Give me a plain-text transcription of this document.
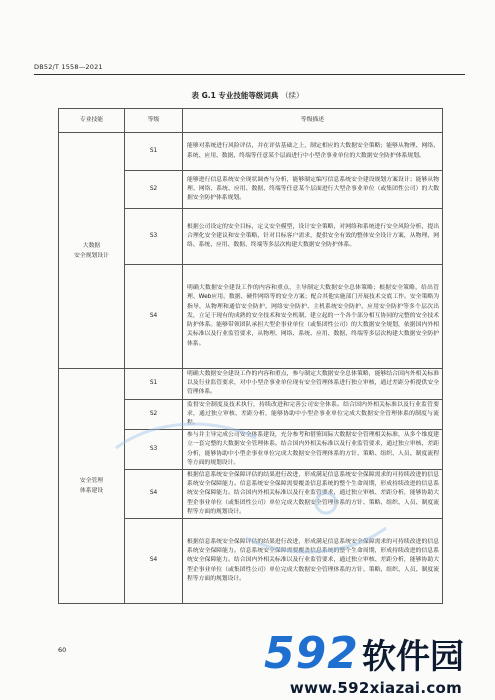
DB52/T 1558—2021
表 G.1 专业技能等级词典 （续）
专业技能	等级	等级描述

大数据
安全规划设计	S1	能够对系统进行风险评估，并在评估基础之上，制定相应的大数据安全策略；能够从物理、网络、系统、应用、数据、终端等任意某个层面进行中小型企事业单位的大数据安全防护体系规划。
	S2	能够进行信息系统安全现状调查与分析，能够制定编写信息系统安全建设规划方案设计；能够从物理、网络、系统、应用、数据、终端等任意某个层面进行大型企事业单位（或集团性公司）的大数据安全防护体系规划。
	S3	根据公司设定的安全目标，定义安全模型，设计安全策略，对网络和系统进行安全风险分析，提出合理化安全建议和安全策略，针对目标客户需求，提供安全有效的整体安全设计方案，从物理、网络、系统、应用、数据、终端等多层次构建大数据安全防护体系。
	S4	明确大数据安全建设工作的内容和重点，主导制定大数据安全总体策略；根据安全策略，给出管理、Web应用、数据、硬件网络等的安全方案；配合其他实施部门开展技术交底工作。安全策略为指导，从物理和通信安全防护、网络安全防护、主机系统安全防护、应用安全防护等多个层次出发，立足于现有的成熟的安全技术和安全机制，建立起的一个各个部分相互协同的完整的安全技术防护体系。能够带领团队承担大型企事业单位（或集团性公司）的大数据安全规划，依据国内外相关标准以及行业监管要求，从物理、网络、系统、应用、数据、终端等多层次构建大数据安全防护体系。

安全管理
体系建设	S1	明确大数据安全建设工作的内容和重点，参与制定大数据安全总体策略，能够结合国内外相关标准以及行业监管要求，对中小型企事业单位现有安全管理体系进行独立审核，通过差距分析提供安全管理体系。
	S2	监督安全制度及技术执行，持续改进和完善公司安全体系。结合国内外相关标准以及行业监管要求，通过独立审核、差距分析，能够协助中小型企事业单位完成大数据安全管理体系的制度与流程。
	S3	参与并主导完成公司安全体系建设，充分参考和借鉴国际大数据安全管理相关标准，从多个维度建立一套完整的大数据安全管理体系。结合国内外相关标准以及行业监管要求，通过独立审核、差距分析，能够协助中小型企事业单位完成大数据安全管理体系的方针、策略、组织、人员、制度流程等方面的规划设计。
	S4	根据信息系统安全保障评估的结果进行改进，形成满足信息系统安全保障需求的可持续改进的信息系统安全保障能力。信息系统安全保障需要覆盖信息系统的整个生命周期，形成持续改进的信息系统安全保障能力。结合国内外相关标准以及行业监管要求，通过独立审核、差距分析，能够协助大型企事业单位（或集团性公司）单位完成大数据安全管理体系的方针、策略、组织、人员、制度流程等方面的规划设计。
	S4	根据信息系统安全保障评估的结果进行改进，形成满足信息系统安全保障需求的可持续改进的信息系统安全保障能力。信息系统安全保障需要覆盖信息系统的整个生命周期，形成持续改进的信息系统安全保障能力。结合国内外相关标准以及行业监管要求，通过独立审核、差距分析，能够协助大型企事业单位（或集团性公司）单位完成大数据安全管理体系的方针、策略、组织、人员、制度流程等方面的规划设计。
60	592 软件园
www.592xiazai.com
